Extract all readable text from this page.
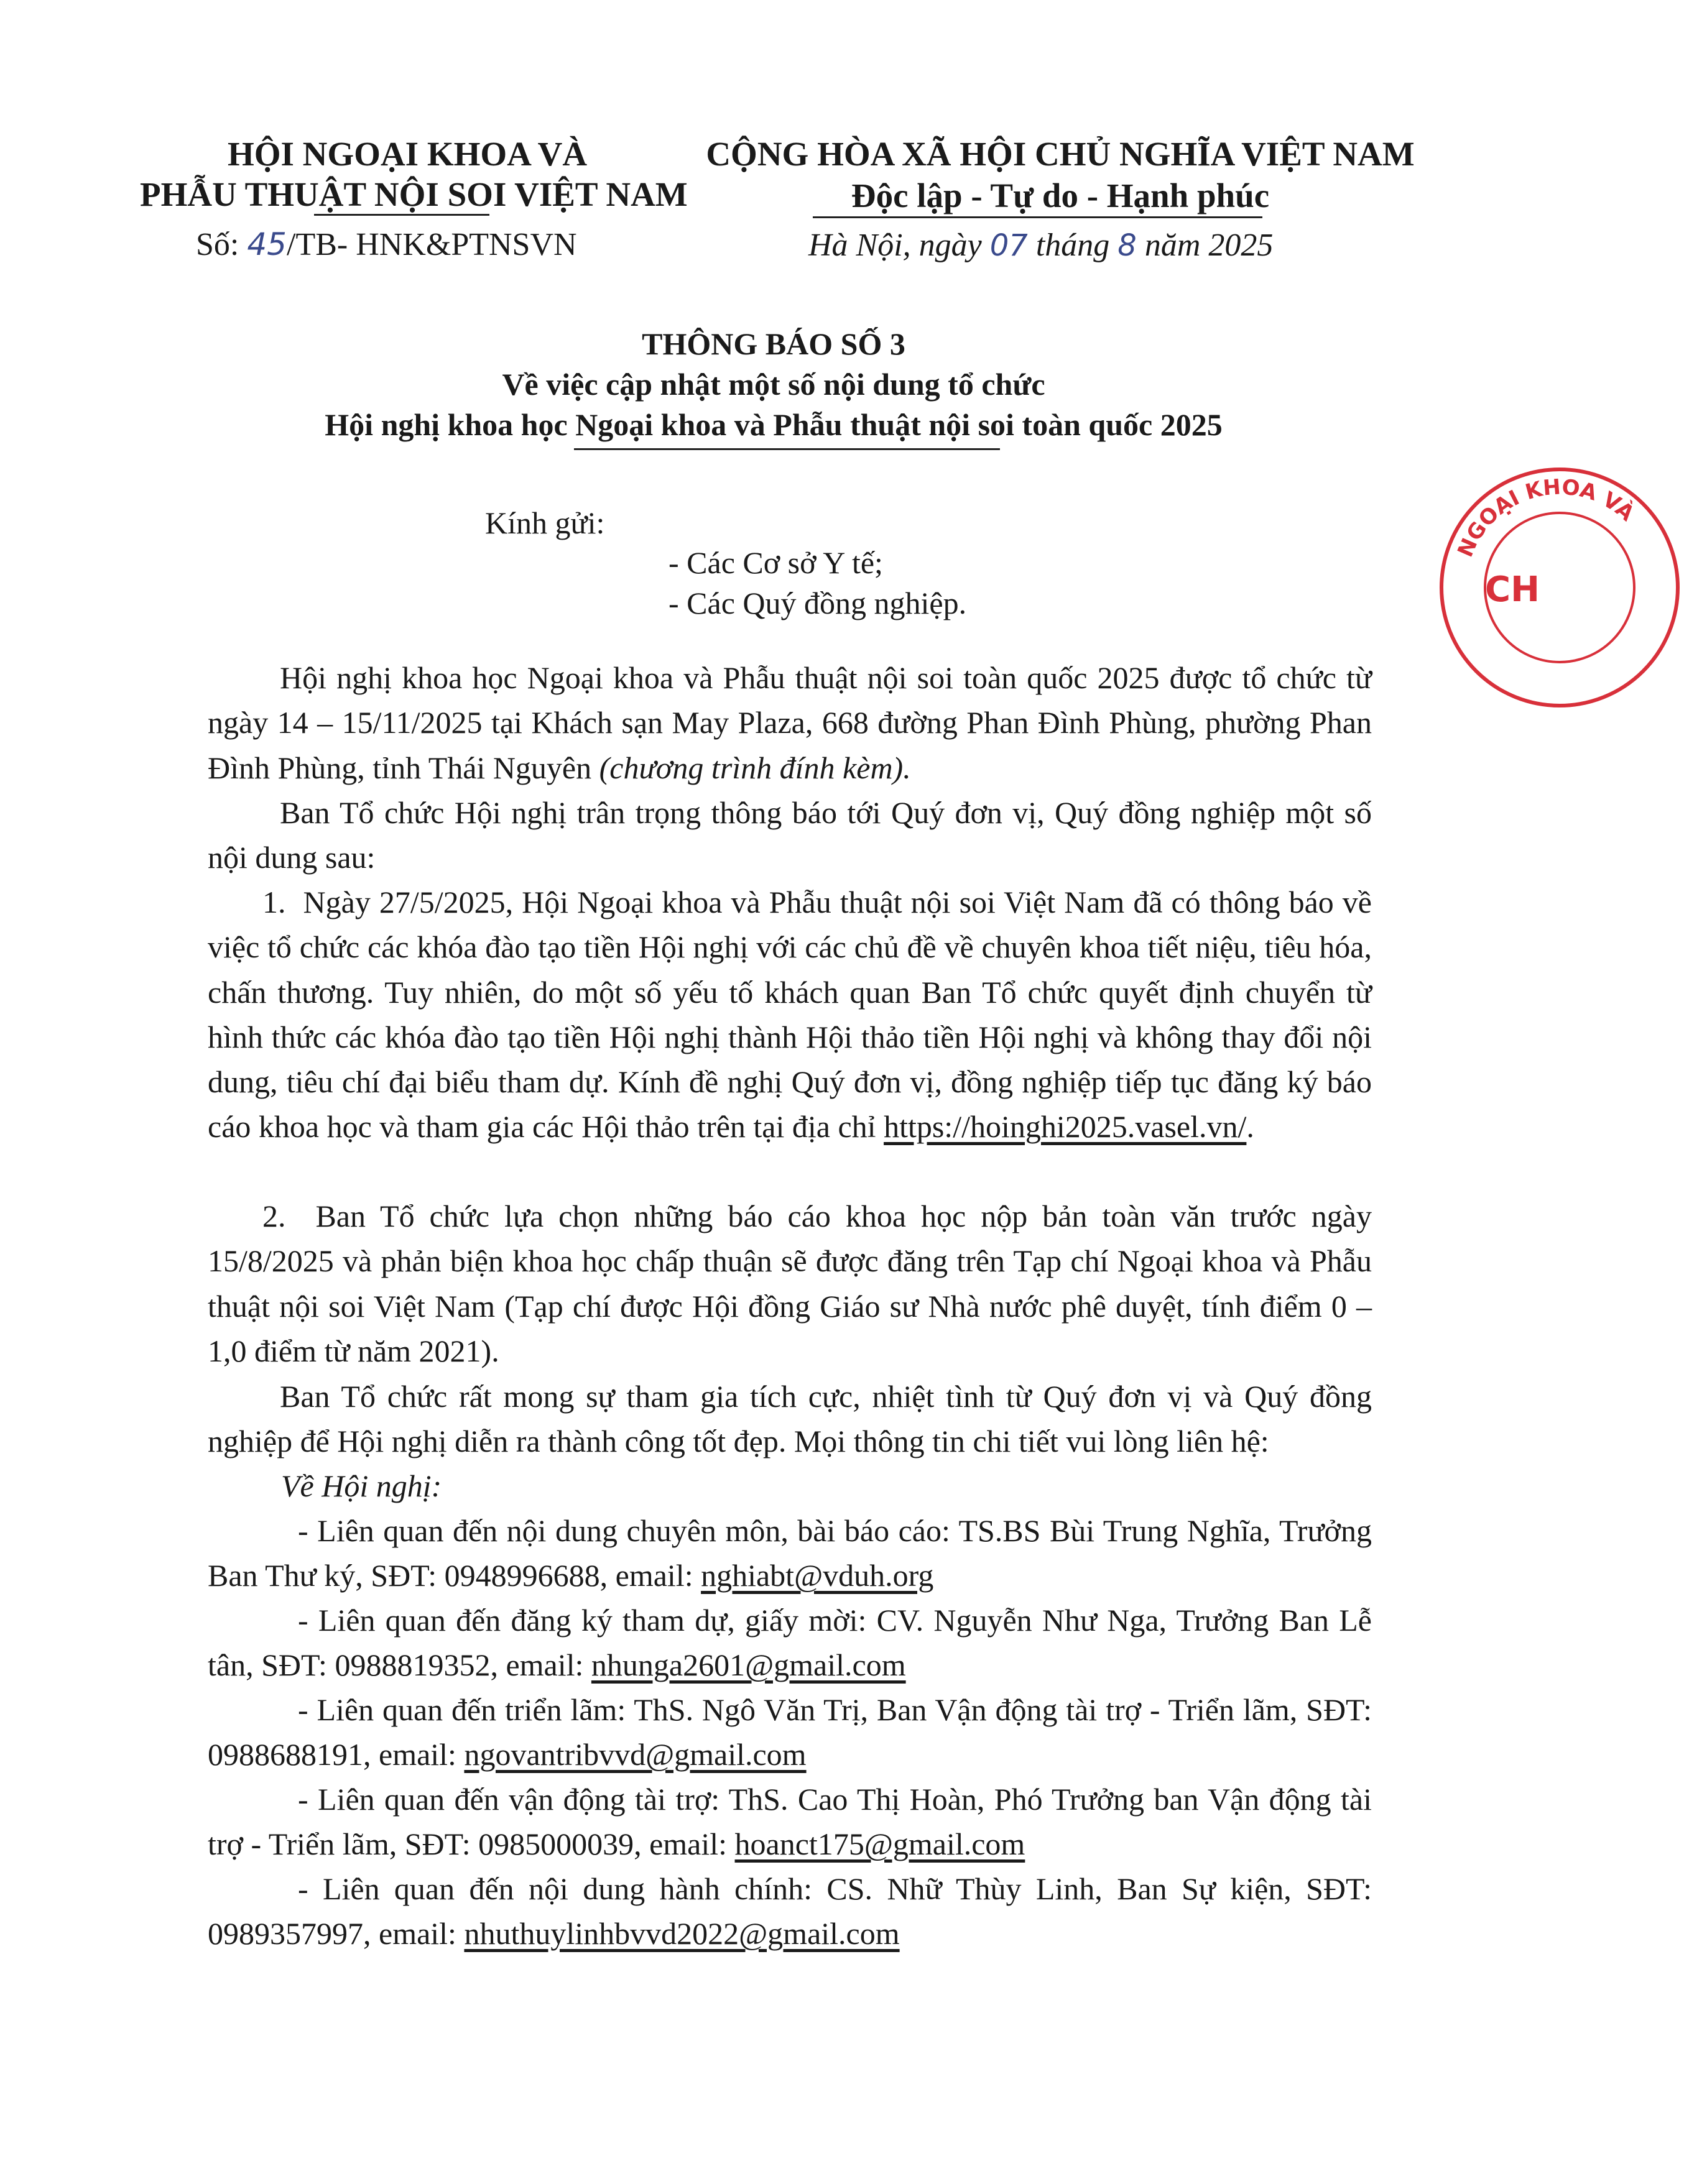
HỘI NGOẠI KHOA VÀ
PHẪU THUẬT NỘI SOI VIỆT NAM
Số: 45/TB- HNK&PTNSVN
CỘNG HÒA XÃ HỘI CHỦ NGHĨA VIỆT NAM
Độc lập - Tự do - Hạnh phúc
Hà Nội, ngày 07 tháng 8 năm 2025
THÔNG BÁO SỐ 3
Về việc cập nhật một số nội dung tổ chức
Hội nghị khoa học Ngoại khoa và Phẫu thuật nội soi toàn quốc 2025
Kính gửi:
- Các Cơ sở Y tế;
- Các Quý đồng nghiệp.
Hội nghị khoa học Ngoại khoa và Phẫu thuật nội soi toàn quốc 2025 được tổ chức từ ngày 14 – 15/11/2025 tại Khách sạn May Plaza, 668 đường Phan Đình Phùng, phường Phan Đình Phùng, tỉnh Thái Nguyên (chương trình đính kèm).
Ban Tổ chức Hội nghị trân trọng thông báo tới Quý đơn vị, Quý đồng nghiệp một số nội dung sau:
1. Ngày 27/5/2025, Hội Ngoại khoa và Phẫu thuật nội soi Việt Nam đã có thông báo về việc tổ chức các khóa đào tạo tiền Hội nghị với các chủ đề về chuyên khoa tiết niệu, tiêu hóa, chấn thương. Tuy nhiên, do một số yếu tố khách quan Ban Tổ chức quyết định chuyển từ hình thức các khóa đào tạo tiền Hội nghị thành Hội thảo tiền Hội nghị và không thay đổi nội dung, tiêu chí đại biểu tham dự. Kính đề nghị Quý đơn vị, đồng nghiệp tiếp tục đăng ký báo cáo khoa học và tham gia các Hội thảo trên tại địa chỉ https://hoinghi2025.vasel.vn/.
2. Ban Tổ chức lựa chọn những báo cáo khoa học nộp bản toàn văn trước ngày 15/8/2025 và phản biện khoa học chấp thuận sẽ được đăng trên Tạp chí Ngoại khoa và Phẫu thuật nội soi Việt Nam (Tạp chí được Hội đồng Giáo sư Nhà nước phê duyệt, tính điểm 0 – 1,0 điểm từ năm 2021).
Ban Tổ chức rất mong sự tham gia tích cực, nhiệt tình từ Quý đơn vị và Quý đồng nghiệp để Hội nghị diễn ra thành công tốt đẹp. Mọi thông tin chi tiết vui lòng liên hệ:
Về Hội nghị:
- Liên quan đến nội dung chuyên môn, bài báo cáo: TS.BS Bùi Trung Nghĩa, Trưởng Ban Thư ký, SĐT: 0948996688, email: nghiabt@vduh.org
- Liên quan đến đăng ký tham dự, giấy mời: CV. Nguyễn Như Nga, Trưởng Ban Lễ tân, SĐT: 0988819352, email: nhunga2601@gmail.com
- Liên quan đến triển lãm: ThS. Ngô Văn Trị, Ban Vận động tài trợ - Triển lãm, SĐT: 0988688191, email: ngovantribvvd@gmail.com
- Liên quan đến vận động tài trợ: ThS. Cao Thị Hoàn, Phó Trưởng ban Vận động tài trợ - Triển lãm, SĐT: 0985000039, email: hoanct175@gmail.com
- Liên quan đến nội dung hành chính: CS. Nhữ Thùy Linh, Ban Sự kiện, SĐT: 0989357997, email: nhuthuylinhbvvd2022@gmail.com
NGOẠI KHOA VÀ
CH
